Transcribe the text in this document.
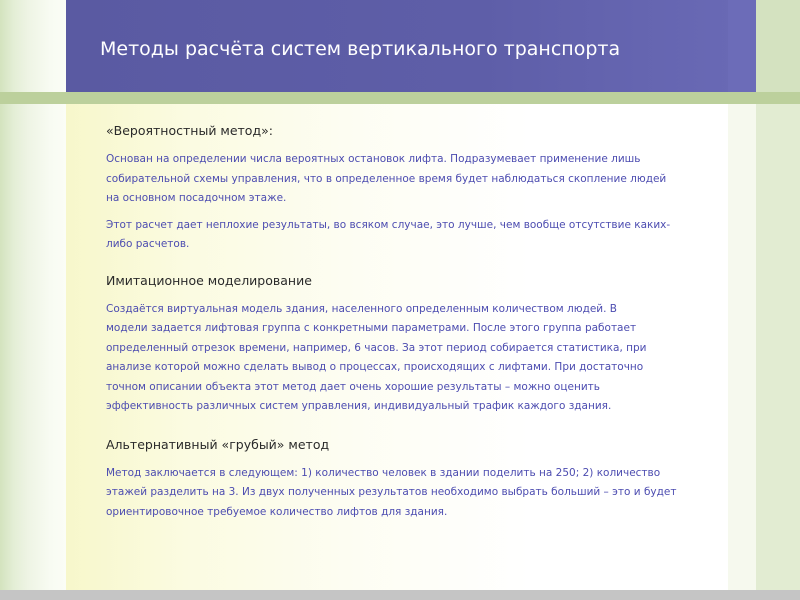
Методы расчёта систем вертикального транспорта
«Вероятностный метод»:

Основан на определении числа вероятных остановок лифта. Подразумевает применение лишь собирательной схемы управления, что в определенное время будет наблюдаться скопление людей на основном посадочном этаже.

Этот расчет дает неплохие результаты, во всяком случае, это лучше, чем вообще отсутствие каких-либо расчетов.

Имитационное моделирование

Создаётся виртуальная модель здания, населенного определенным количеством людей. В модели задается лифтовая группа с конкретными параметрами. После этого группа работает определенный отрезок времени, например, 6 часов. За этот период собирается статистика, при анализе которой можно сделать вывод о процессах, происходящих с лифтами. При достаточно точном описании объекта этот метод дает очень хорошие результаты – можно оценить эффективность различных систем управления, индивидуальный трафик каждого здания.

Альтернативный «грубый» метод

Метод заключается в следующем: 1) количество человек в здании поделить на 250; 2) количество этажей разделить на 3. Из двух полученных результатов необходимо выбрать больший – это и будет ориентировочное требуемое количество лифтов для здания.
